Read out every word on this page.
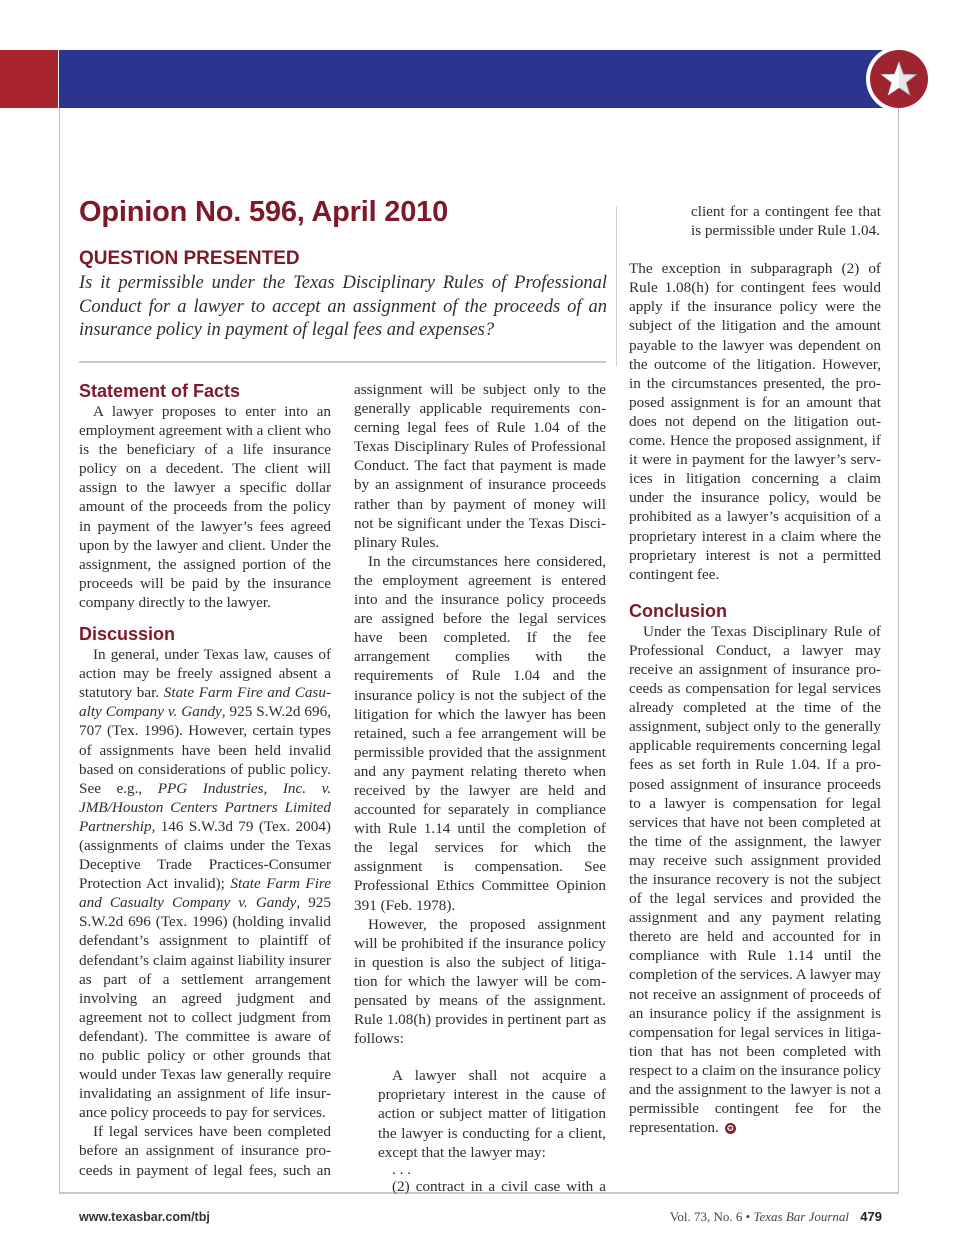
Opinion No. 596, April 2010
QUESTION PRESENTED
Is it permissible under the Texas Disciplinary Rules of Professional Conduct for a lawyer to accept an assignment of the proceeds of an insurance policy in payment of legal fees and expenses?
Statement of Facts

A lawyer proposes to enter into an employment agreement with a client who is the beneficiary of a life insurance policy on a decedent. The client will assign to the lawyer a specific dollar amount of the proceeds from the policy in payment of the lawyer’s fees agreed upon by the lawyer and client. Under the assignment, the assigned portion of the proceeds will be paid by the insurance company directly to the lawyer.

Discussion

In general, under Texas law, causes of action may be freely assigned absent a statutory bar. State Farm Fire and Casualty Company v. Gandy, 925 S.W.2d 696, 707 (Tex. 1996). However, certain types of assignments have been held invalid based on considerations of public policy. See e.g., PPG Industries, Inc. v. JMB/Houston Centers Partners Limited Partnership, 146 S.W.3d 79 (Tex. 2004) (assignments of claims under the Texas Deceptive Trade Practices-Consumer Protection Act invalid); State Farm Fire and Casualty Company v. Gandy, 925 S.W.2d 696 (Tex. 1996) (holding invalid defendant’s assignment to plaintiff of defendant’s claim against liability insurer as part of a settlement arrangement involving an agreed judgment and agreement not to collect judgment from defendant). The committee is aware of no public policy or other grounds that would under Texas law generally require invalidating an assignment of life insurance policy proceeds to pay for services.

If legal services have been completed before an assignment of insurance proceeds in payment of legal fees, such an

assignment will be subject only to the generally applicable requirements concerning legal fees of Rule 1.04 of the Texas Disciplinary Rules of Professional Conduct. The fact that payment is made by an assignment of insurance proceeds rather than by payment of money will not be significant under the Texas Disciplinary Rules.

In the circumstances here considered, the employment agreement is entered into and the insurance policy proceeds are assigned before the legal services have been completed. If the fee arrangement complies with the requirements of Rule 1.04 and the insurance policy is not the subject of the litigation for which the lawyer has been retained, such a fee arrangement will be permissible provided that the assignment and any payment relating thereto when received by the lawyer are held and accounted for separately in compliance with Rule 1.14 until the completion of the legal services for which the assignment is compensation. See Professional Ethics Committee Opinion 391 (Feb. 1978).

However, the proposed assignment will be prohibited if the insurance policy in question is also the subject of litigation for which the lawyer will be compensated by means of the assignment. Rule 1.08(h) provides in pertinent part as follows:

A lawyer shall not acquire a proprietary interest in the cause of action or subject matter of litigation the lawyer is conducting for a client, except that the lawyer may:

. . .

(2) contract in a civil case with a

client for a contingent fee that is permissible under Rule 1.04.

The exception in subparagraph (2) of Rule 1.08(h) for contingent fees would apply if the insurance policy were the subject of the litigation and the amount payable to the lawyer was dependent on the outcome of the litigation. However, in the circumstances presented, the proposed assignment is for an amount that does not depend on the litigation outcome. Hence the proposed assignment, if it were in payment for the lawyer’s services in litigation concerning a claim under the insurance policy, would be prohibited as a lawyer’s acquisition of a proprietary interest in a claim where the proprietary interest is not a permitted contingent fee.

Conclusion

Under the Texas Disciplinary Rule of Professional Conduct, a lawyer may receive an assignment of insurance proceeds as compensation for legal services already completed at the time of the assignment, subject only to the generally applicable requirements concerning legal fees as set forth in Rule 1.04. If a proposed assignment of insurance proceeds to a lawyer is compensation for legal services that have not been completed at the time of the assignment, the lawyer may receive such assignment provided the insurance recovery is not the subject of the legal services and provided the assignment and any payment relating thereto are held and accounted for in compliance with Rule 1.14 until the completion of the services. A lawyer may not receive an assignment of proceeds of an insurance policy if the assignment is compensation for legal services in litigation that has not been completed with respect to a claim on the insurance policy and the assignment to the lawyer is not a permissible contingent fee for the representation. ✪

www.texasbar.com/tbj	Vol. 73, No. 6 • Texas Bar Journal 479
